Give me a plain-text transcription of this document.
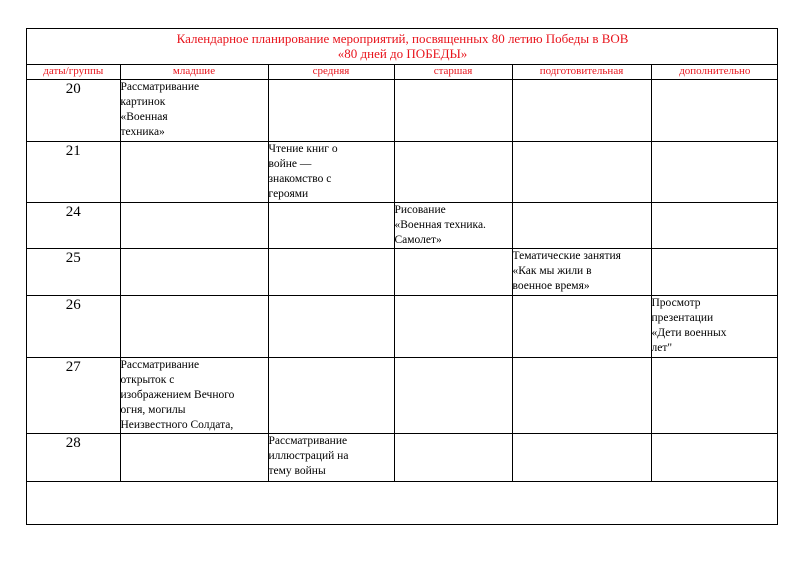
Календарное планирование мероприятий, посвященных 80 летию Победы в ВОВ
«80 дней до ПОБЕДЫ»					

даты/группы	младшие	средняя	старшая	подготовительная	дополнительно
20	Рассматривание
картинок
«Военная
техника»				

21		Чтение книг о
войне —
знакомство с
героями			

24			Рисование
«Военная техника.
Самолет»		

25				Тематические занятия
«Как мы жили в
военное время»	

26					Просмотр
презентации
«Дети военных
лет"

27	Рассматривание
открыток с
изображением Вечного
огня, могилы
Неизвестного Солдата,				

28		Рассматривание
иллюстраций на
тему войны			
